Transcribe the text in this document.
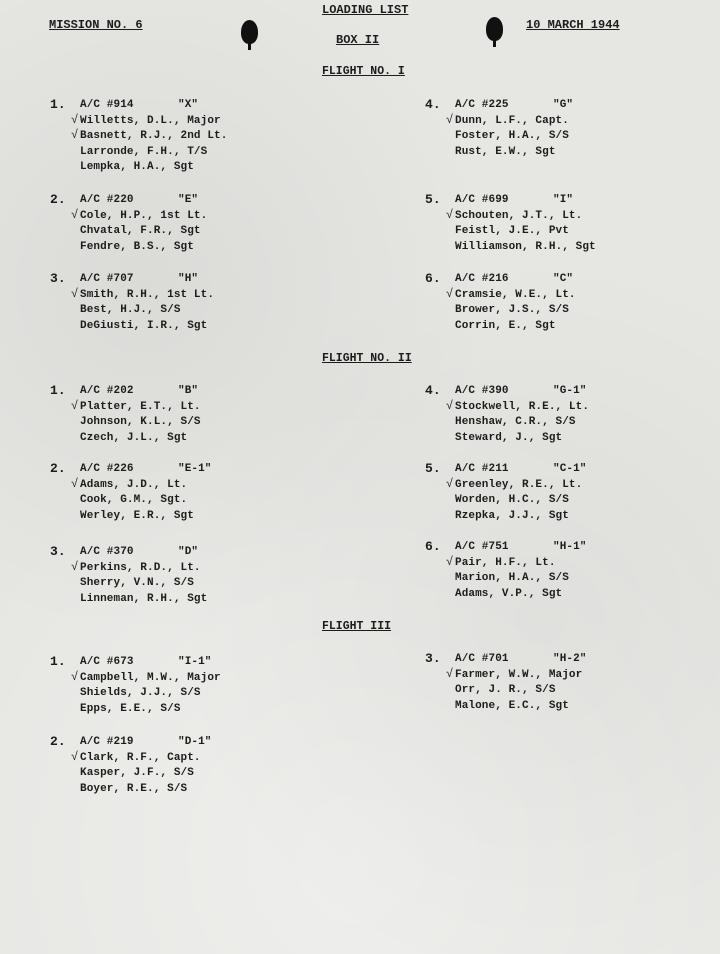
MISSION NO. 6
LOADING LIST
BOX II
10 MARCH 1944
FLIGHT NO. I
1. A/C #914	"X"
√ Willetts, D.L., Major
√ Basnett, R.J., 2nd Lt.
Larronde, F.H., T/S
Lempka, H.A., Sgt
2. A/C #220	"E"
√ Cole, H.P., 1st Lt.
Chvatal, F.R., Sgt
Fendre, B.S., Sgt
3. A/C #707	"H"
√ Smith, R.H., 1st Lt.
Best, H.J., S/S
DeGiusti, I.R., Sgt
4. A/C #225	"G"
√ Dunn, L.F., Capt.
Foster, H.A., S/S
Rust, E.W., Sgt
5. A/C #699	"I"
√ Schouten, J.T., Lt.
Feistl, J.E., Pvt
Williamson, R.H., Sgt
6. A/C #216	"C"
√ Cramsie, W.E., Lt.
Brower, J.S., S/S
Corrin, E., Sgt
FLIGHT NO. II
1. A/C #202	"B"
√ Platter, E.T., Lt.
Johnson, K.L., S/S
Czech, J.L., Sgt
2. A/C #226	"E-1"
√ Adams, J.D., Lt.
Cook, G.M., Sgt.
Werley, E.R., Sgt
3. A/C #370	"D"
√ Perkins, R.D., Lt.
Sherry, V.N., S/S
Linneman, R.H., Sgt
4. A/C #390	"G-1"
√ Stockwell, R.E., Lt.
Henshaw, C.R., S/S
Steward, J., Sgt
5. A/C #211	"C-1"
√ Greenley, R.E., Lt.
Worden, H.C., S/S
Rzepka, J.J., Sgt
6. A/C #751	"H-1"
√ Pair, H.F., Lt.
Marion, H.A., S/S
Adams, V.P., Sgt
FLIGHT III
1. A/C #673	"I-1"
√ Campbell, M.W., Major
Shields, J.J., S/S
Epps, E.E., S/S
2. A/C #219	"D-1"
√ Clark, R.F., Capt.
Kasper, J.F., S/S
Boyer, R.E., S/S
3. A/C #701	"H-2"
√ Farmer, W.W., Major
Orr, J. R., S/S
Malone, E.C., Sgt
